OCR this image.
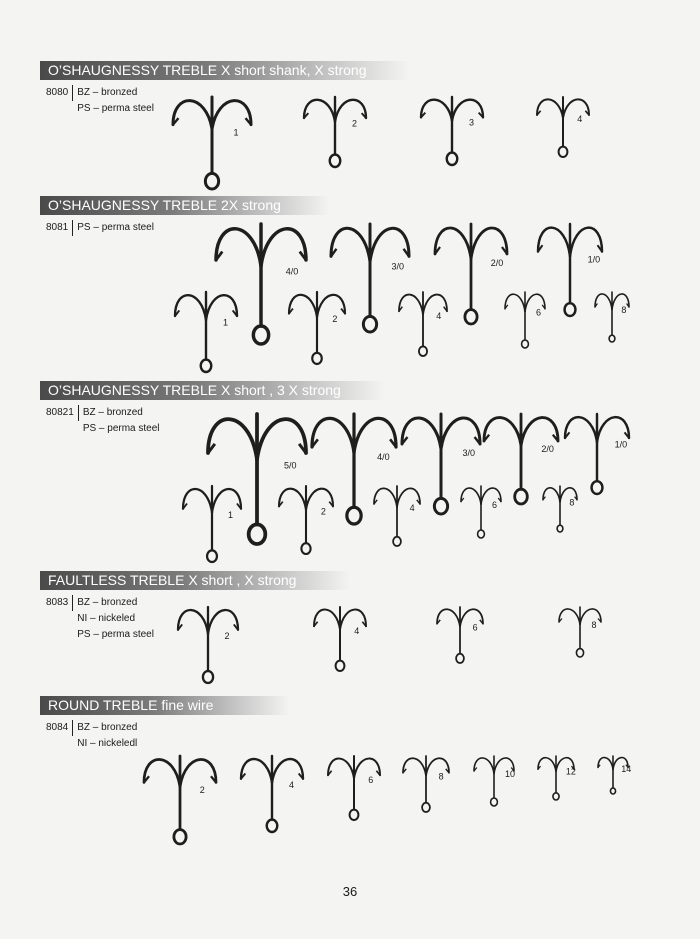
O’SHAUGNESSY TREBLE X short shank, X strong
O’SHAUGNESSY TREBLE 2X strong
O’SHAUGNESSY TREBLE X short , 3 X strong
FAULTLESS TREBLE X short , X strong
ROUND TREBLE fine wire
8080 BZ – bronzed
PS – perma steel
8081 PS – perma steel
80821 BZ – bronzed
PS – perma steel
8083 BZ – bronzed
NI – nickeled
PS – perma steel
8084 BZ – bronzed
NI – nickeledl
1
2	3	4
4/0
3/0	2/0	1/0
1	2	4	6	8
5/0
4/0	3/0	2/0	1/0
1	2	4	6	8
2
4	6	8
2
4
6	8	10	12	14
36
